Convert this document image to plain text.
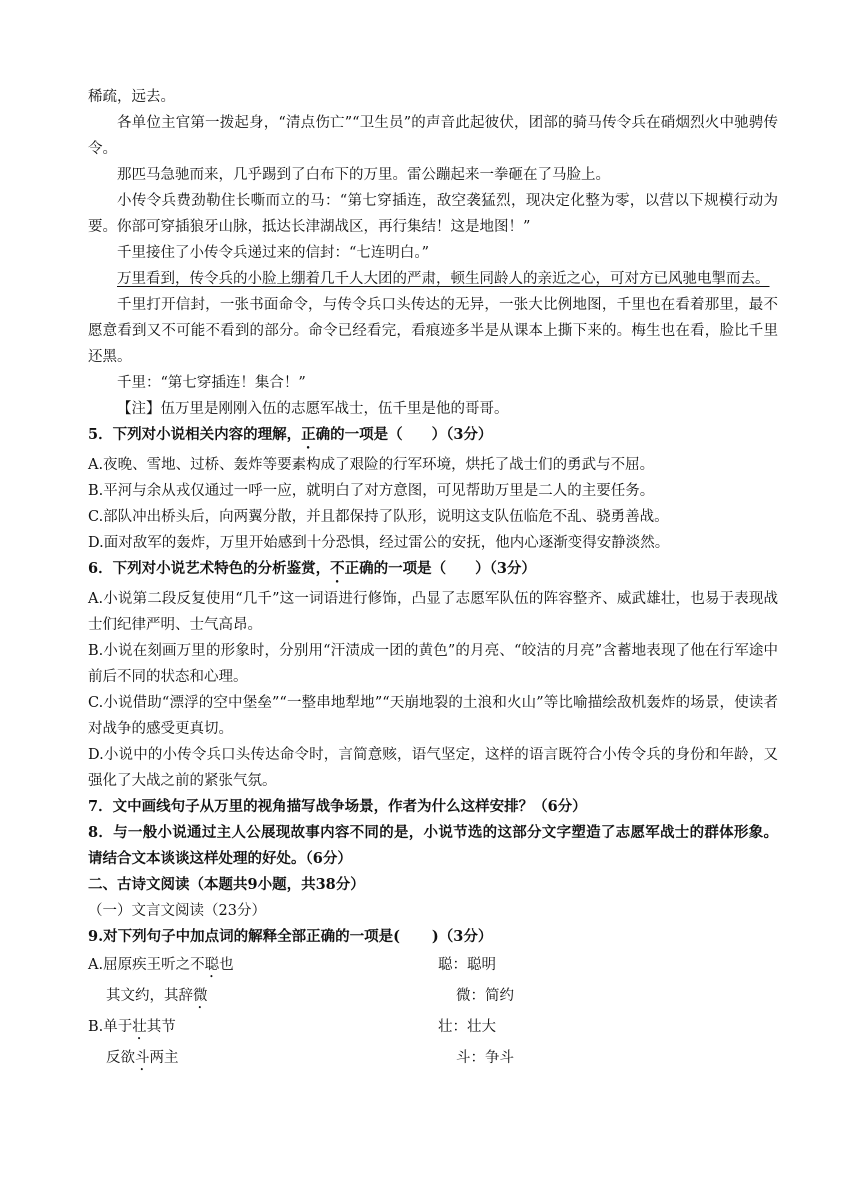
稀疏，远去。

各单位主官第一拨起身，“清点伤亡”“卫生员”的声音此起彼伏，团部的骑马传令兵在硝烟烈火中驰骋传令。

那匹马急驰而来，几乎踢到了白布下的万里。雷公蹦起来一拳砸在了马脸上。

小传令兵费劲勒住长嘶而立的马：“第七穿插连，敌空袭猛烈，现决定化整为零，以营以下规模行动为要。你部可穿插狼牙山脉，抵达长津湖战区，再行集结！这是地图！”

千里接住了小传令兵递过来的信封：“七连明白。”

万里看到，传令兵的小脸上绷着几千人大团的严肃，顿生同龄人的亲近之心，可对方已风驰电掣而去。

千里打开信封，一张书面命令，与传令兵口头传达的无异，一张大比例地图，千里也在看着那里，最不愿意看到又不可能不看到的部分。命令已经看完，看痕迹多半是从课本上撕下来的。梅生也在看，脸比千里还黑。

千里：“第七穿插连！集合！”

【注】伍万里是刚刚入伍的志愿军战士，伍千里是他的哥哥。

5．下列对小说相关内容的理解，正确的一项是（　　）（3分）

A.夜晚、雪地、过桥、轰炸等要素构成了艰险的行军环境，烘托了战士们的勇武与不屈。

B.平河与余从戎仅通过一呼一应，就明白了对方意图，可见帮助万里是二人的主要任务。

C.部队冲出桥头后，向两翼分散，并且都保持了队形，说明这支队伍临危不乱、骁勇善战。

D.面对敌军的轰炸，万里开始感到十分恐惧，经过雷公的安抚，他内心逐渐变得安静淡然。

6．下列对小说艺术特色的分析鉴赏，不正确的一项是（　　）（3分）

A.小说第二段反复使用“几千”这一词语进行修饰，凸显了志愿军队伍的阵容整齐、威武雄壮，也易于表现战士们纪律严明、士气高昂。

B.小说在刻画万里的形象时，分别用“汗渍成一团的黄色”的月亮、“皎洁的月亮”含蓄地表现了他在行军途中前后不同的状态和心理。

C.小说借助“漂浮的空中堡垒”“一整串地犁地”“天崩地裂的土浪和火山”等比喻描绘敌机轰炸的场景，使读者对战争的感受更真切。

D.小说中的小传令兵口头传达命令时，言简意赅，语气坚定，这样的语言既符合小传令兵的身份和年龄，又强化了大战之前的紧张气氛。

7．文中画线句子从万里的视角描写战争场景，作者为什么这样安排？（6分）

8．与一般小说通过主人公展现故事内容不同的是，小说节选的这部分文字塑造了志愿军战士的群体形象。请结合文本谈谈这样处理的好处。（6分）

二、古诗文阅读（本题共9小题，共38分）

（一）文言文阅读（23分）

9.对下列句子中加点词的解释全部正确的一项是( )（3分）

A.屈原疾王听之不聪也	聪：聪明
其文约，其辞微	微：简约
B.单于壮其节	壮：壮大
反欲斗两主	斗：争斗
